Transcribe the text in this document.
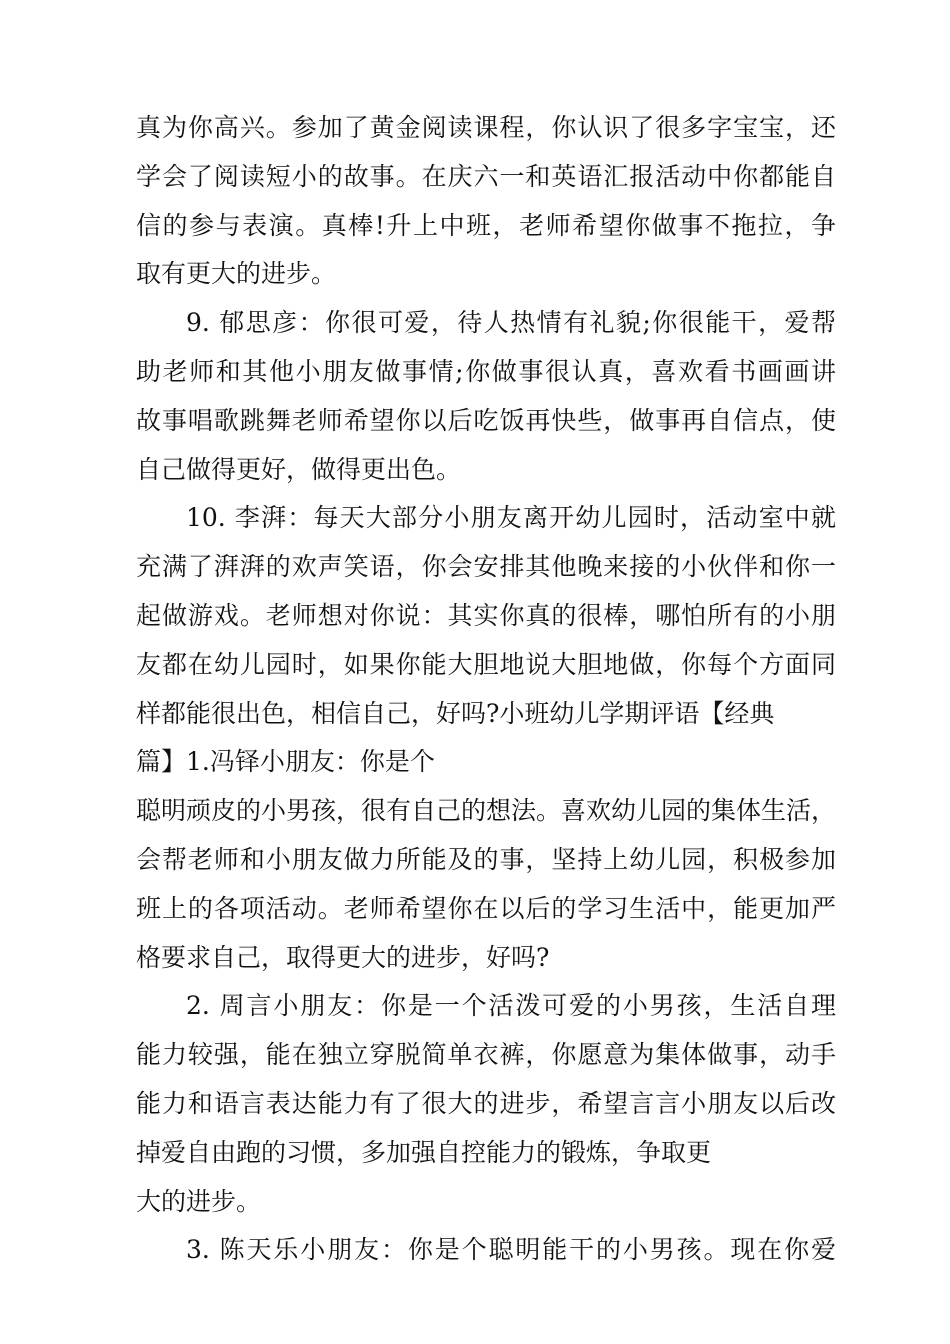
真为你高兴。参加了黄金阅读课程，你认识了很多字宝宝，还
学会了阅读短小的故事。在庆六一和英语汇报活动中你都能自
信的参与表演。真棒!升上中班，老师希望你做事不拖拉，争
取有更大的进步。
9. 郁思彦：你很可爱，待人热情有礼貌;你很能干，爱帮
助老师和其他小朋友做事情;你做事很认真，喜欢看书画画讲
故事唱歌跳舞老师希望你以后吃饭再快些，做事再自信点，使
自己做得更好，做得更出色。
10. 李湃：每天大部分小朋友离开幼儿园时，活动室中就
充满了湃湃的欢声笑语，你会安排其他晚来接的小伙伴和你一
起做游戏。老师想对你说：其实你真的很棒，哪怕所有的小朋
友都在幼儿园时，如果你能大胆地说大胆地做，你每个方面同
样都能很出色，相信自己，好吗?小班幼儿学期评语【经典
篇】1.冯铎小朋友：你是个
聪明顽皮的小男孩，很有自己的想法。喜欢幼儿园的集体生活，
会帮老师和小朋友做力所能及的事，坚持上幼儿园，积极参加
班上的各项活动。老师希望你在以后的学习生活中，能更加严
格要求自己，取得更大的进步，好吗?
2. 周言小朋友：你是一个活泼可爱的小男孩，生活自理
能力较强，能在独立穿脱简单衣裤，你愿意为集体做事，动手
能力和语言表达能力有了很大的进步，希望言言小朋友以后改
掉爱自由跑的习惯，多加强自控能力的锻炼，争取更
大的进步。
3. 陈天乐小朋友：你是个聪明能干的小男孩。现在你爱
